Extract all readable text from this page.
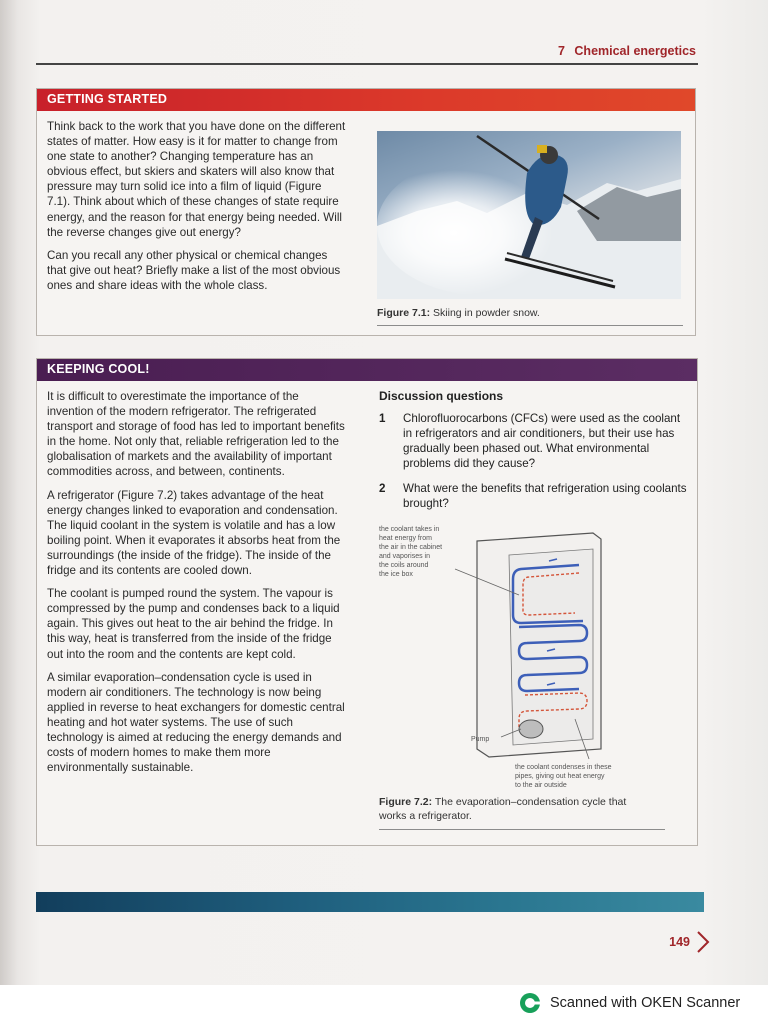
7 Chemical energetics
GETTING STARTED

Think back to the work that you have done on the different states of matter. How easy is it for matter to change from one state to another? Changing temperature has an obvious effect, but skiers and skaters will also know that pressure may turn solid ice into a film of liquid (Figure 7.1). Think about which of these changes of state require energy, and the reason for that energy being needed. Will the reverse changes give out energy?

Can you recall any other physical or chemical changes that give out heat? Briefly make a list of the most obvious ones and share ideas with the whole class.

Figure 7.1: Skiing in powder snow.
KEEPING COOL!

It is difficult to overestimate the importance of the invention of the modern refrigerator. The refrigerated transport and storage of food has led to important benefits in the home. Not only that, reliable refrigeration led to the globalisation of markets and the availability of important commodities across, and between, continents.

A refrigerator (Figure 7.2) takes advantage of the heat energy changes linked to evaporation and condensation. The liquid coolant in the system is volatile and has a low boiling point. When it evaporates it absorbs heat from the surroundings (the inside of the fridge). The inside of the fridge and its contents are cooled down.

The coolant is pumped round the system. The vapour is compressed by the pump and condenses back to a liquid again. This gives out heat to the air behind the fridge. In this way, heat is transferred from the inside of the fridge out into the room and the contents are kept cold.

A similar evaporation–condensation cycle is used in modern air conditioners. The technology is now being applied in reverse to heat exchangers for domestic central heating and hot water systems. The use of such technology is aimed at reducing the energy demands and costs of modern homes to make them more environmentally sustainable.

Discussion questions
1 Chlorofluorocarbons (CFCs) were used as the coolant in refrigerators and air conditioners, but their use has gradually been phased out. What environmental problems did they cause?
2 What were the benefits that refrigeration using coolants brought?
the coolant takes in
heat energy from
the air in the cabinet
and vaporises in
the coils around
the ice box
Pump
the coolant condenses in these
pipes, giving out heat energy
to the air outside
Figure 7.2: The evaporation–condensation cycle that
works a refrigerator.
149
Scanned with OKEN Scanner
